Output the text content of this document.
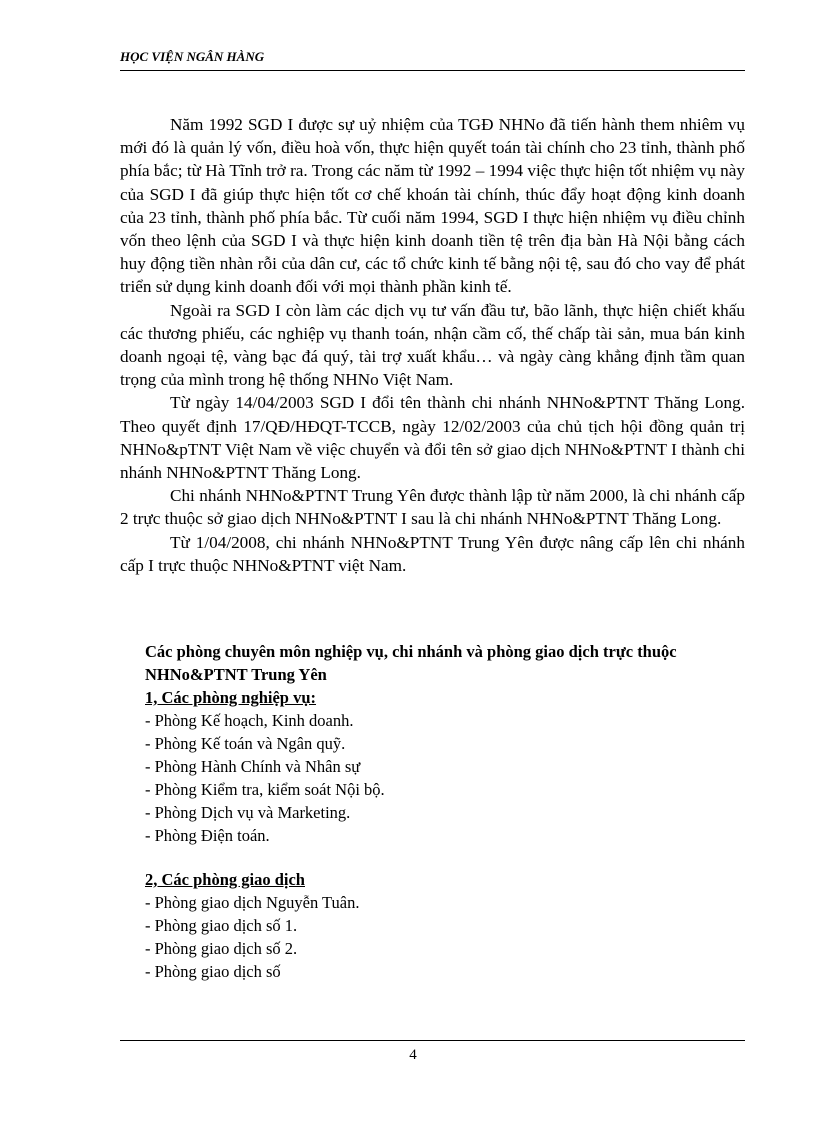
HỌC VIỆN NGÂN HÀNG

Năm 1992 SGD I được sự uỷ nhiệm của TGĐ NHNo đã tiến hành them nhiêm vụ mới đó là quản lý vốn, điều hoà vốn, thực hiện quyết toán tài chính cho 23 tỉnh, thành phố phía bắc; từ Hà Tĩnh trở ra. Trong các năm từ 1992 – 1994 việc thực hiện tốt nhiệm vụ này của SGD I đã giúp thực hiện tốt cơ chế khoán tài chính, thúc đẩy hoạt động kinh doanh của 23 tỉnh, thành phố phía bắc. Từ cuối năm 1994, SGD I thực hiện nhiệm vụ điều chỉnh vốn theo lệnh của SGD I và thực hiện kinh doanh tiền tệ trên địa bàn Hà Nội bằng cách huy động tiền nhàn rỗi của dân cư, các tổ chức kinh tế bằng nội tệ, sau đó cho vay để phát triển sử dụng kinh doanh đối với mọi thành phần kinh tế.

Ngoài ra SGD I còn làm các dịch vụ tư vấn đầu tư, bão lãnh, thực hiện chiết khấu các thương phiếu, các nghiệp vụ thanh toán, nhận cầm cố, thế chấp tài sản, mua bán kinh doanh ngoại tệ, vàng bạc đá quý, tài trợ xuất khẩu… và ngày càng khẳng định tầm quan trọng của mình trong hệ thống NHNo Việt Nam.

Từ ngày 14/04/2003 SGD I đổi tên thành chi nhánh NHNo&PTNT Thăng Long. Theo quyết định 17/QĐ/HĐQT-TCCB, ngày 12/02/2003 của chủ tịch hội đồng quản trị NHNo&pTNT Việt Nam về việc chuyển và đổi tên sở giao dịch NHNo&PTNT I thành chi nhánh NHNo&PTNT Thăng Long.

Chi nhánh NHNo&PTNT Trung Yên được thành lập từ năm 2000, là chi nhánh cấp 2 trực thuộc sở giao dịch NHNo&PTNT I sau là chi nhánh NHNo&PTNT Thăng Long.

Từ 1/04/2008, chi nhánh NHNo&PTNT Trung Yên được nâng cấp lên chi nhánh cấp I trực thuộc NHNo&PTNT việt Nam.

Các phòng chuyên môn nghiệp vụ, chi nhánh và phòng giao dịch trực thuộc NHNo&PTNT Trung Yên

1, Các phòng nghiệp vụ:

- Phòng Kế hoạch, Kinh doanh.

- Phòng Kế toán và Ngân quỹ.

- Phòng Hành Chính và Nhân sự

- Phòng Kiểm tra, kiểm soát Nội bộ.

- Phòng Dịch vụ và Marketing.

- Phòng Điện toán.

2, Các phòng giao dịch

- Phòng giao dịch Nguyễn Tuân.

- Phòng giao dịch số 1.

- Phòng giao dịch số 2.

- Phòng giao dịch số

4
